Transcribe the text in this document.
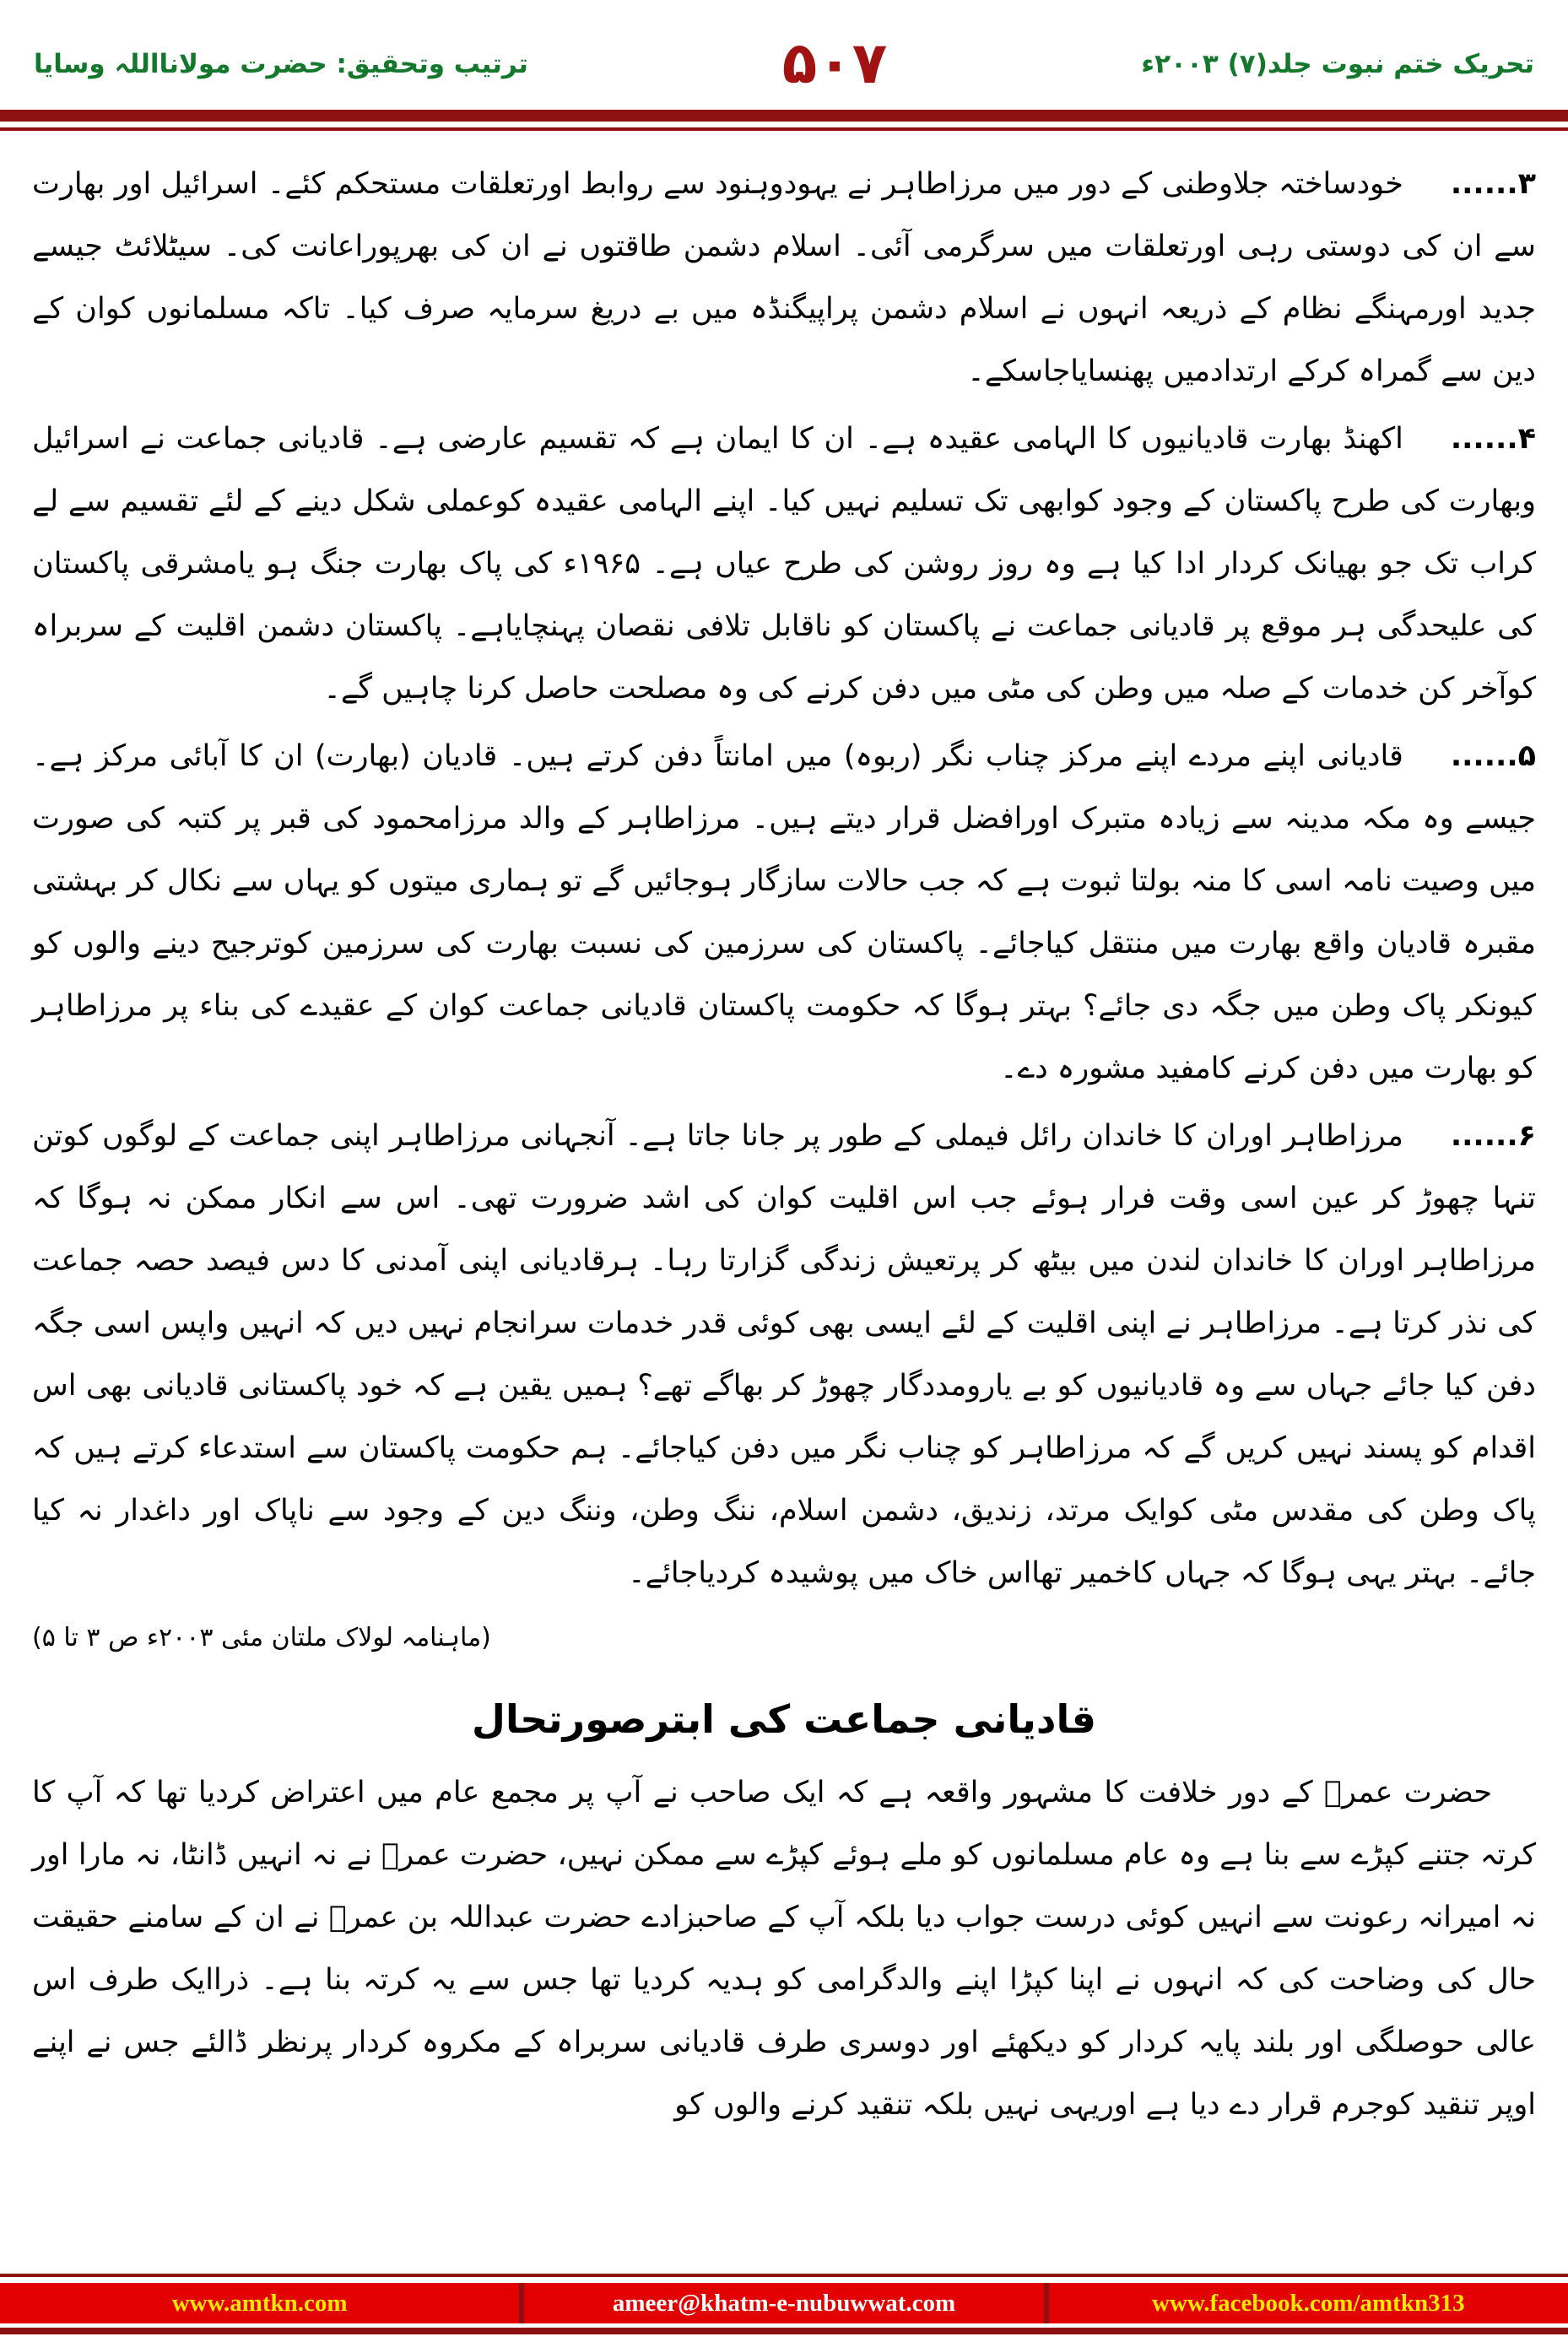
تحریک ختم نبوت جلد(۷) ۲۰۰۳ء
۵۰۷
ترتیب وتحقیق: حضرت مولانااللہ وسایا

۳......خودساختہ جلاوطنی کے دور میں مرزاطاہر نے یہودوہنود سے روابط اورتعلقات مستحکم کئے۔ اسرائیل اور بھارت سے ان کی دوستی رہی اورتعلقات میں سرگرمی آئی۔ اسلام دشمن طاقتوں نے ان کی بھرپوراعانت کی۔ سیٹلائٹ جیسے جدید اورمہنگے نظام کے ذریعہ انہوں نے اسلام دشمن پراپیگنڈہ میں بے دریغ سرمایہ صرف کیا۔ تاکہ مسلمانوں کوان کے دین سے گمراہ کرکے ارتدادمیں پھنسایاجاسکے۔

۴......اکھنڈ بھارت قادیانیوں کا الہامی عقیدہ ہے۔ ان کا ایمان ہے کہ تقسیم عارضی ہے۔ قادیانی جماعت نے اسرائیل وبھارت کی طرح پاکستان کے وجود کوابھی تک تسلیم نہیں کیا۔ اپنے الہامی عقیدہ کوعملی شکل دینے کے لئے تقسیم سے لے کراب تک جو بھیانک کردار ادا کیا ہے وہ روز روشن کی طرح عیاں ہے۔ ۱۹۶۵ء کی پاک بھارت جنگ ہو یامشرقی پاکستان کی علیحدگی ہر موقع پر قادیانی جماعت نے پاکستان کو ناقابل تلافی نقصان پہنچایاہے۔ پاکستان دشمن اقلیت کے سربراہ کوآخر کن خدمات کے صلہ میں وطن کی مٹی میں دفن کرنے کی وہ مصلحت حاصل کرنا چاہیں گے۔

۵......قادیانی اپنے مردے اپنے مرکز چناب نگر (ربوہ) میں امانتاً دفن کرتے ہیں۔ قادیان (بھارت) ان کا آبائی مرکز ہے۔ جیسے وہ مکہ مدینہ سے زیادہ متبرک اورافضل قرار دیتے ہیں۔ مرزاطاہر کے والد مرزامحمود کی قبر پر کتبہ کی صورت میں وصیت نامہ اسی کا منہ بولتا ثبوت ہے کہ جب حالات سازگار ہوجائیں گے تو ہماری میتوں کو یہاں سے نکال کر بہشتی مقبرہ قادیان واقع بھارت میں منتقل کیاجائے۔ پاکستان کی سرزمین کی نسبت بھارت کی سرزمین کوترجیح دینے والوں کو کیونکر پاک وطن میں جگہ دی جائے؟ بہتر ہوگا کہ حکومت پاکستان قادیانی جماعت کوان کے عقیدے کی بناء پر مرزاطاہر کو بھارت میں دفن کرنے کامفید مشورہ دے۔

۶......مرزاطاہر اوران کا خاندان رائل فیملی کے طور پر جانا جاتا ہے۔ آنجہانی مرزاطاہر اپنی جماعت کے لوگوں کوتن تنہا چھوڑ کر عین اسی وقت فرار ہوئے جب اس اقلیت کوان کی اشد ضرورت تھی۔ اس سے انکار ممکن نہ ہوگا کہ مرزاطاہر اوران کا خاندان لندن میں بیٹھ کر پرتعیش زندگی گزارتا رہا۔ ہرقادیانی اپنی آمدنی کا دس فیصد حصہ جماعت کی نذر کرتا ہے۔ مرزاطاہر نے اپنی اقلیت کے لئے ایسی بھی کوئی قدر خدمات سرانجام نہیں دیں کہ انہیں واپس اسی جگہ دفن کیا جائے جہاں سے وہ قادیانیوں کو بے یارومددگار چھوڑ کر بھاگے تھے؟ ہمیں یقین ہے کہ خود پاکستانی قادیانی بھی اس اقدام کو پسند نہیں کریں گے کہ مرزاطاہر کو چناب نگر میں دفن کیاجائے۔ ہم حکومت پاکستان سے استدعاء کرتے ہیں کہ پاک وطن کی مقدس مٹی کوایک مرتد، زندیق، دشمن اسلام، ننگ وطن، وننگ دین کے وجود سے ناپاک اور داغدار نہ کیا جائے۔ بہتر یہی ہوگا کہ جہاں کاخمیر تھااس خاک میں پوشیدہ کردیاجائے۔

(ماہنامہ لولاک ملتان مئی ۲۰۰۳ء ص ۳ تا ۵)

قادیانی جماعت کی ابترصورتحال

حضرت عمرؓ کے دور خلافت کا مشہور واقعہ ہے کہ ایک صاحب نے آپ پر مجمع عام میں اعتراض کردیا تھا کہ آپ کا کرتہ جتنے کپڑے سے بنا ہے وہ عام مسلمانوں کو ملے ہوئے کپڑے سے ممکن نہیں، حضرت عمرؓ نے نہ انہیں ڈانٹا، نہ مارا اور نہ امیرانہ رعونت سے انہیں کوئی درست جواب دیا بلکہ آپ کے صاحبزادے حضرت عبداللہ بن عمرؓ نے ان کے سامنے حقیقت حال کی وضاحت کی کہ انہوں نے اپنا کپڑا اپنے والدگرامی کو ہدیہ کردیا تھا جس سے یہ کرتہ بنا ہے۔ ذراایک طرف اس عالی حوصلگی اور بلند پایہ کردار کو دیکھئے اور دوسری طرف قادیانی سربراہ کے مکروہ کردار پرنظر ڈالئے جس نے اپنے اوپر تنقید کوجرم قرار دے دیا ہے اوریہی نہیں بلکہ تنقید کرنے والوں کو

www.amtkn.com	ameer@khatm-e-nubuwwat.com	www.facebook.com/amtkn313
